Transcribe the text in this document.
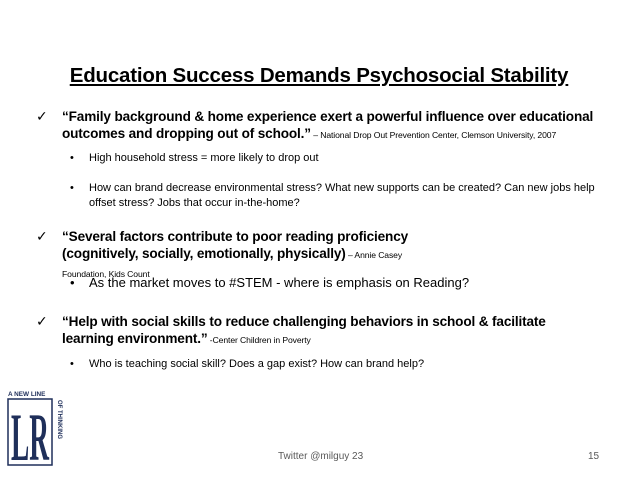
Education Success Demands Psychosocial Stability
✓ “Family background & home experience exert a powerful influence over educational outcomes and dropping out of school.” – National Drop Out Prevention Center, Clemson University, 2007
• High household stress = more likely to drop out
• How can brand decrease environmental stress? What new supports can be created? Can new jobs help offset stress? Jobs that occur in-the-home?
✓ “Several factors contribute to poor reading proficiency (cognitively, socially, emotionally, physically) – Annie Casey Foundation, Kids Count
• As the market moves to #STEM - where is emphasis on Reading?
✓ “Help with social skills to reduce challenging behaviors in school & facilitate learning environment.” -Center Children in Poverty
• Who is teaching social skill? Does a gap exist? How can brand help?
A NEW LINE
LR OF THINKING
Twitter @milguy 23	15
